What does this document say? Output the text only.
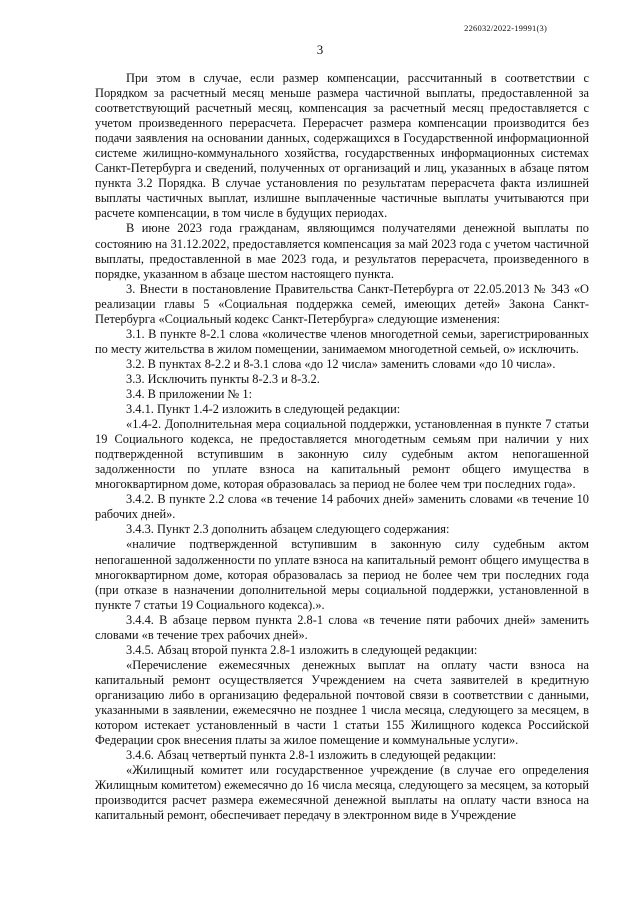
226032/2022-19991(3)
3

При этом в случае, если размер компенсации, рассчитанный в соответствии с Порядком за расчетный месяц меньше размера частичной выплаты, предоставленной за соответствующий расчетный месяц, компенсация за расчетный месяц предоставляется с учетом произведенного перерасчета. Перерасчет размера компенсации производится без подачи заявления на основании данных, содержащихся в Государственной информационной системе жилищно-коммунального хозяйства, государственных информационных системах Санкт-Петербурга и сведений, полученных от организаций и лиц, указанных в абзаце пятом пункта 3.2 Порядка. В случае установления по результатам перерасчета факта излишней выплаты частичных выплат, излишне выплаченные частичные выплаты учитываются при расчете компенсации, в том числе в будущих периодах.

В июне 2023 года гражданам, являющимся получателями денежной выплаты по состоянию на 31.12.2022, предоставляется компенсация за май 2023 года с учетом частичной выплаты, предоставленной в мае 2023 года, и результатов перерасчета, произведенного в порядке, указанном в абзаце шестом настоящего пункта.

3. Внести в постановление Правительства Санкт-Петербурга от 22.05.2013 № 343 «О реализации главы 5 «Социальная поддержка семей, имеющих детей» Закона Санкт-Петербурга «Социальный кодекс Санкт-Петербурга» следующие изменения:

3.1. В пункте 8-2.1 слова «количестве членов многодетной семьи, зарегистрированных по месту жительства в жилом помещении, занимаемом многодетной семьей, о» исключить.

3.2. В пунктах 8-2.2 и 8-3.1 слова «до 12 числа» заменить словами «до 10 числа».

3.3. Исключить пункты 8-2.3 и 8-3.2.

3.4. В приложении № 1:

3.4.1. Пункт 1.4-2 изложить в следующей редакции:

«1.4-2. Дополнительная мера социальной поддержки, установленная в пункте 7 статьи 19 Социального кодекса, не предоставляется многодетным семьям при наличии у них подтвержденной вступившим в законную силу судебным актом непогашенной задолженности по уплате взноса на капитальный ремонт общего имущества в многоквартирном доме, которая образовалась за период не более чем три последних года».

3.4.2. В пункте 2.2 слова «в течение 14 рабочих дней» заменить словами «в течение 10 рабочих дней».

3.4.3. Пункт 2.3 дополнить абзацем следующего содержания:

«наличие подтвержденной вступившим в законную силу судебным актом непогашенной задолженности по уплате взноса на капитальный ремонт общего имущества в многоквартирном доме, которая образовалась за период не более чем три последних года (при отказе в назначении дополнительной меры социальной поддержки, установленной в пункте 7 статьи 19 Социального кодекса).».

3.4.4. В абзаце первом пункта 2.8-1 слова «в течение пяти рабочих дней» заменить словами «в течение трех рабочих дней».

3.4.5. Абзац второй пункта 2.8-1 изложить в следующей редакции:

«Перечисление ежемесячных денежных выплат на оплату части взноса на капитальный ремонт осуществляется Учреждением на счета заявителей в кредитную организацию либо в организацию федеральной почтовой связи в соответствии с данными, указанными в заявлении, ежемесячно не позднее 1 числа месяца, следующего за месяцем, в котором истекает установленный в части 1 статьи 155 Жилищного кодекса Российской Федерации срок внесения платы за жилое помещение и коммунальные услуги».

3.4.6. Абзац четвертый пункта 2.8-1 изложить в следующей редакции:

«Жилищный комитет или государственное учреждение (в случае его определения Жилищным комитетом) ежемесячно до 16 числа месяца, следующего за месяцем, за который производится расчет размера ежемесячной денежной выплаты на оплату части взноса на капитальный ремонт, обеспечивает передачу в электронном виде в Учреждение
